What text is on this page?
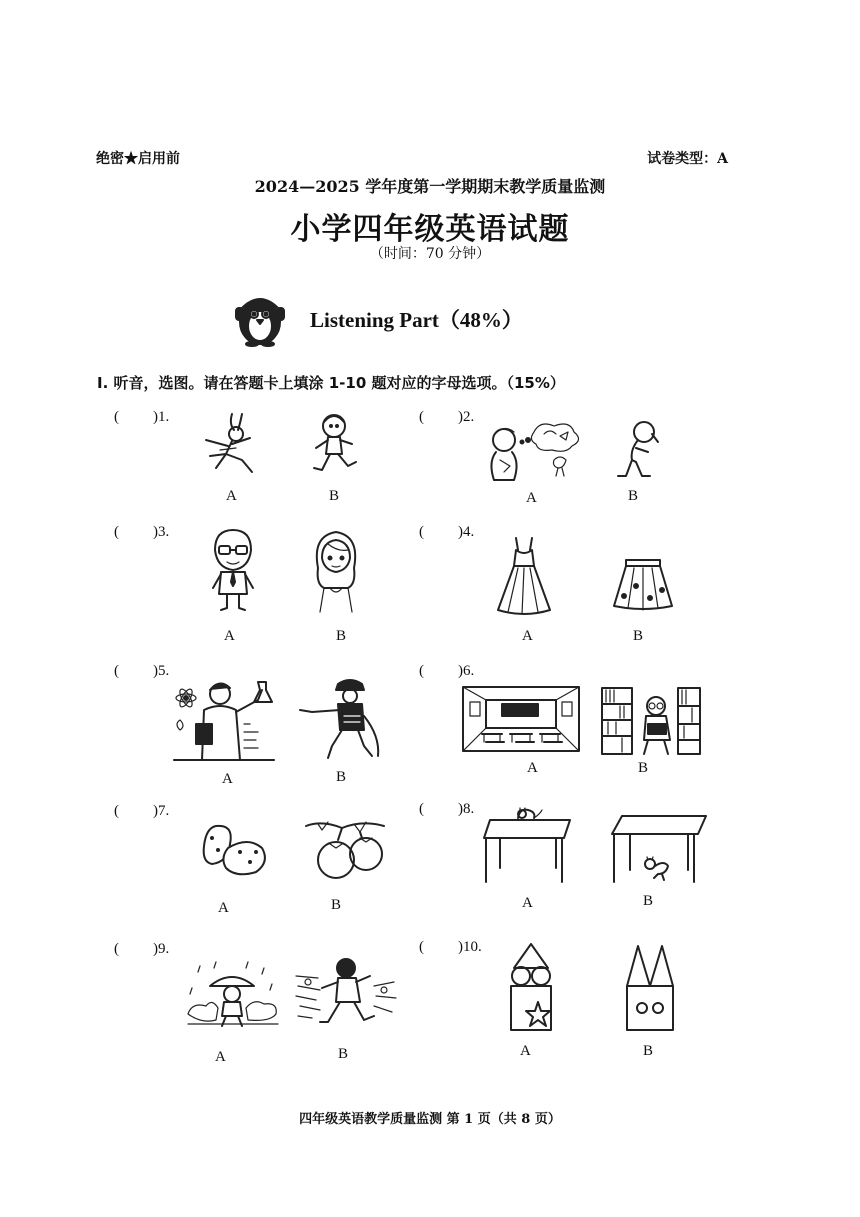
绝密★启用前	试卷类型：A
2024—2025 学年度第一学期期末教学质量监测
小学四年级英语试题
（时间：70 分钟）
Listening Part（48%）
I. 听音，选图。请在答题卡上填涂 1-10 题对应的字母选项。（15%）
( )1.
A	B
( )2.
A	B
( )3.
A	B
( )4.
A	B
( )5.
A	B
( )6.
A	B
( )7.
A	B
( )8.
A	B
( )9.
A	B
( )10.
A	B
四年级英语教学质量监测 第 1 页（共 8 页）
